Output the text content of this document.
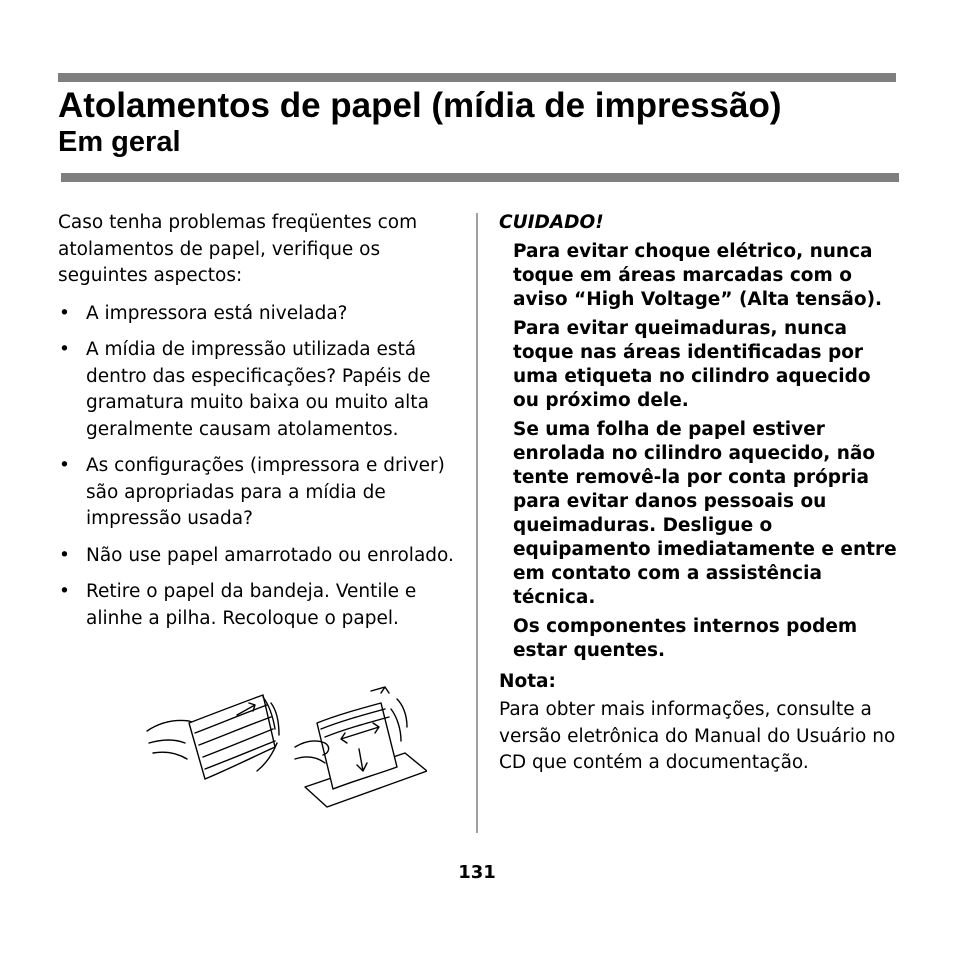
Atolamentos de papel (mídia de impressão)
Em geral

Caso tenha problemas freqüentes com atolamentos de papel, verifique os seguintes aspectos:

• A impressora está nivelada?
• A mídia de impressão utilizada está dentro das especificações? Papéis de gramatura muito baixa ou muito alta geralmente causam atolamentos.
• As configurações (impressora e driver) são apropriadas para a mídia de impressão usada?
• Não use papel amarrotado ou enrolado.
• Retire o papel da bandeja. Ventile e alinhe a pilha. Recoloque o papel.

CUIDADO!

Para evitar choque elétrico, nunca toque em áreas marcadas com o aviso “High Voltage” (Alta tensão).

Para evitar queimaduras, nunca toque nas áreas identificadas por uma etiqueta no cilindro aquecido ou próximo dele.

Se uma folha de papel estiver enrolada no cilindro aquecido, não tente removê-la por conta própria para evitar danos pessoais ou queimaduras. Desligue o equipamento imediatamente e entre em contato com a assistência técnica.

Os componentes internos podem estar quentes.

Nota:

Para obter mais informações, consulte a versão eletrônica do Manual do Usuário no CD que contém a documentação.

131
